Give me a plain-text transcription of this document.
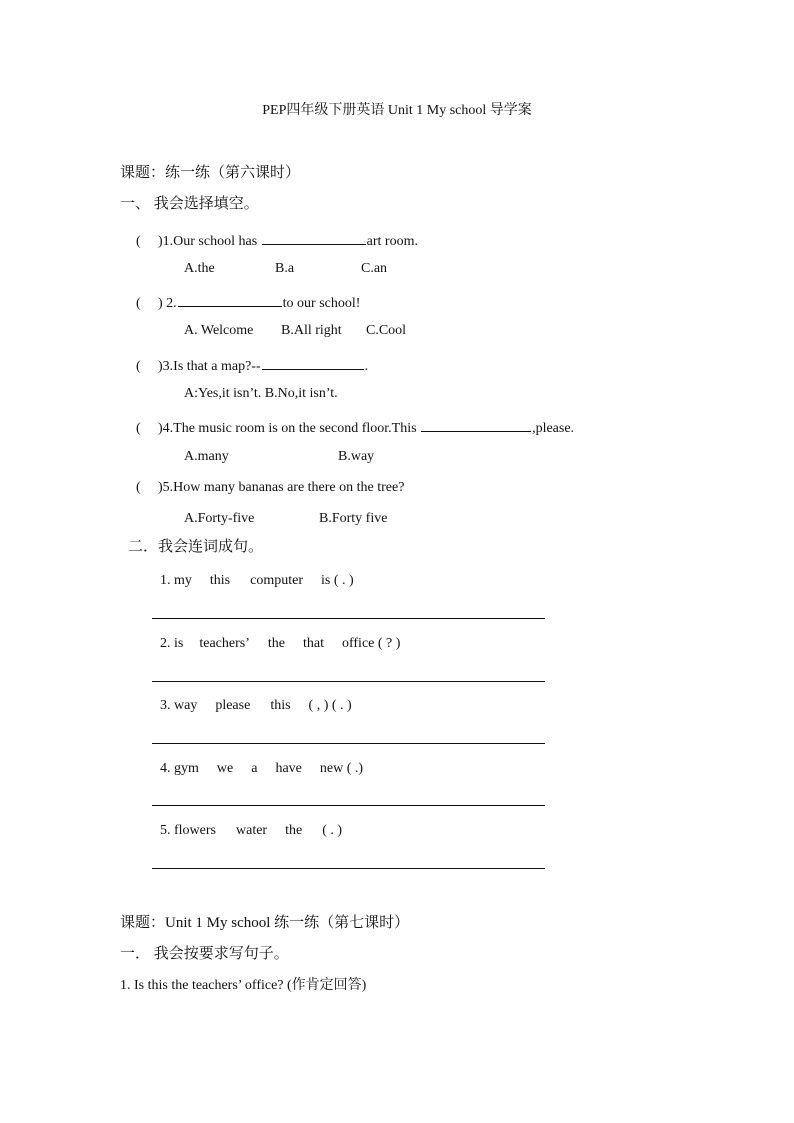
PEP四年级下册英语 Unit 1 My school 导学案
课题：练一练（第六课时）
一、 我会选择填空。
( )1.Our school has	art room.
A.the	B.a	C.an
( ) 2.	to our school!
A. Welcome B.All right C.Cool
( )3.Is that a map?--	.
A:Yes,it isn’t. B.No,it isn’t.
( )4.The music room is on the second floor.This	,please.
A.many	B.way
( )5.How many bananas are there on the tree?
A.Forty-five	B.Forty five
二．我会连词成句。
1. my this computer is ( . )
2. is teachers’ the that office ( ? )
3. way please this ( , ) ( . )
4. gym we a have new ( .)
5. flowers water the ( . )
课题：Unit 1 My school 练一练（第七课时）
一． 我会按要求写句子。
1. Is this the teachers’ office? (作肯定回答)
